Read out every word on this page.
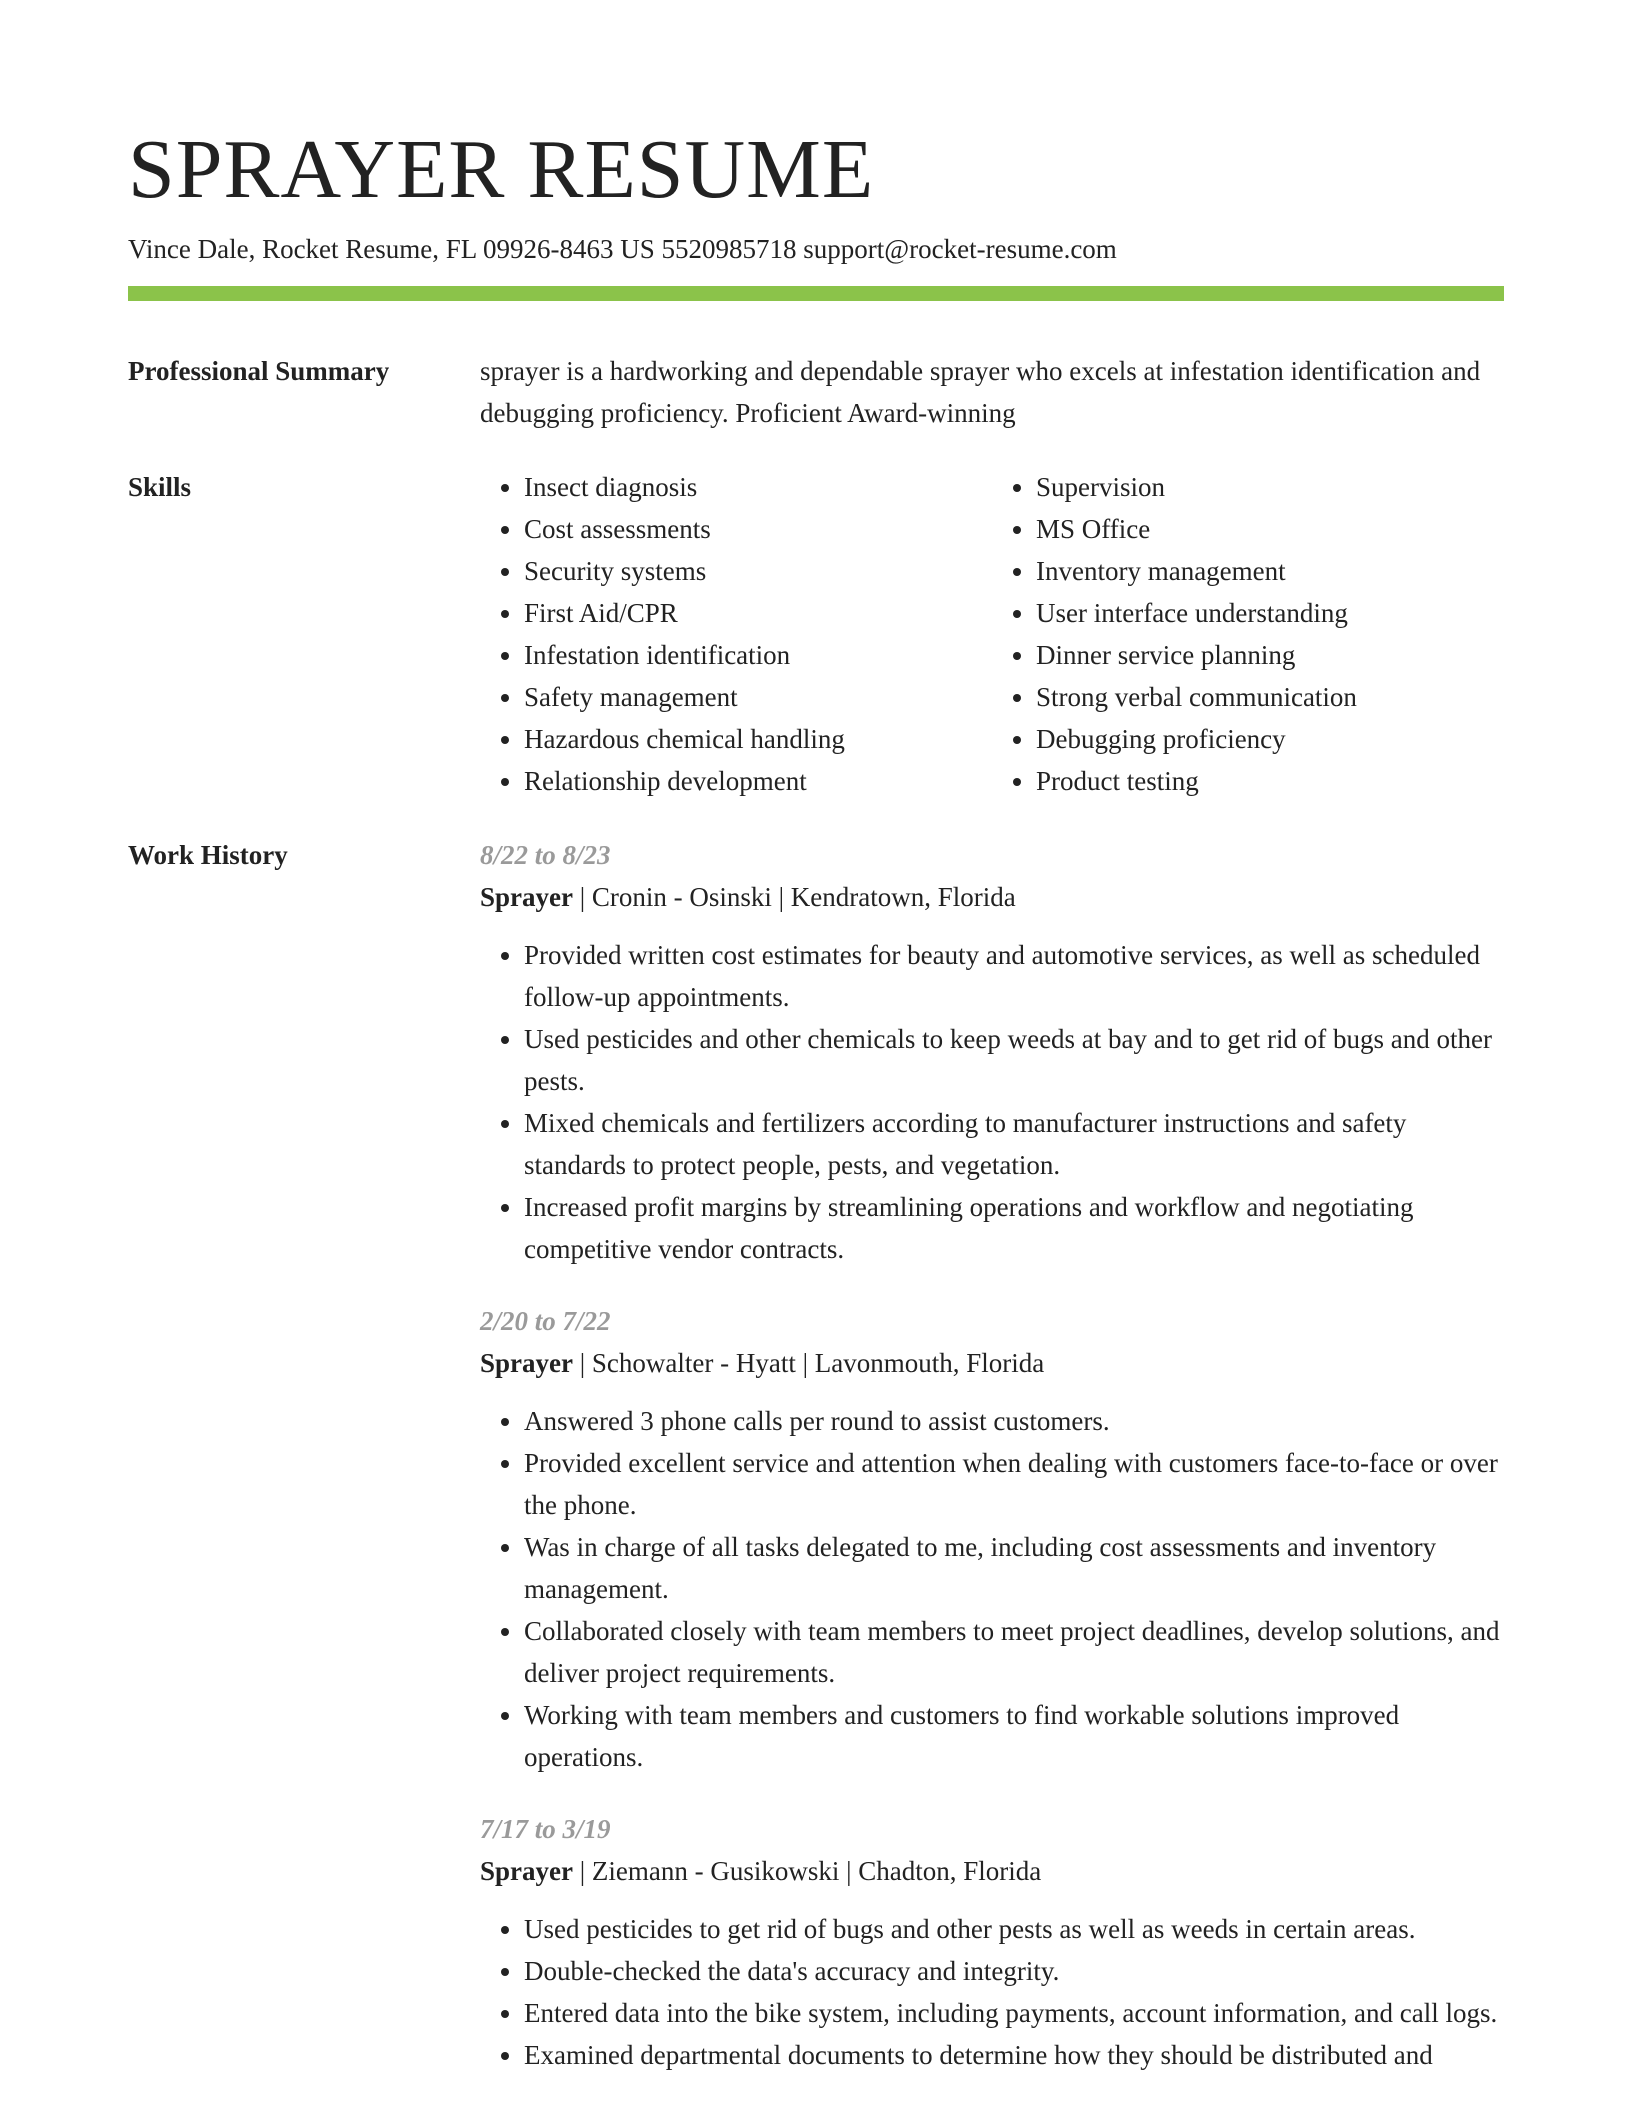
SPRAYER RESUME
Vince Dale, Rocket Resume, FL 09926-8463 US 5520985718 support@rocket-resume.com
Professional Summary	sprayer is a hardworking and dependable sprayer who excels at infestation identification and debugging proficiency. Proficient Award-winning

Skills
•	Insect diagnosis
• Cost assessments
• Security systems
• First Aid/CPR
• Infestation identification
• Safety management
• Hazardous chemical handling
• Relationship development
• Supervision
• MS Office
• Inventory management
• User interface understanding
• Dinner service planning
• Strong verbal communication
• Debugging proficiency
• Product testing
Work History	8/22 to 8/23
Sprayer | Cronin - Osinski | Kendratown, Florida
• Provided written cost estimates for beauty and automotive services, as well as scheduled follow-up appointments.
• Used pesticides and other chemicals to keep weeds at bay and to get rid of bugs and other pests.
• Mixed chemicals and fertilizers according to manufacturer instructions and safety standards to protect people, pests, and vegetation.
• Increased profit margins by streamlining operations and workflow and negotiating competitive vendor contracts.
2/20 to 7/22
Sprayer | Schowalter - Hyatt | Lavonmouth, Florida
• Answered 3 phone calls per round to assist customers.
• Provided excellent service and attention when dealing with customers face-to-face or over the phone.
• Was in charge of all tasks delegated to me, including cost assessments and inventory management.
• Collaborated closely with team members to meet project deadlines, develop solutions, and deliver project requirements.
• Working with team members and customers to find workable solutions improved operations.
7/17 to 3/19
Sprayer | Ziemann - Gusikowski | Chadton, Florida
• Used pesticides to get rid of bugs and other pests as well as weeds in certain areas.
• Double-checked the data's accuracy and integrity.
• Entered data into the bike system, including payments, account information, and call logs.
• Examined departmental documents to determine how they should be distributed and
